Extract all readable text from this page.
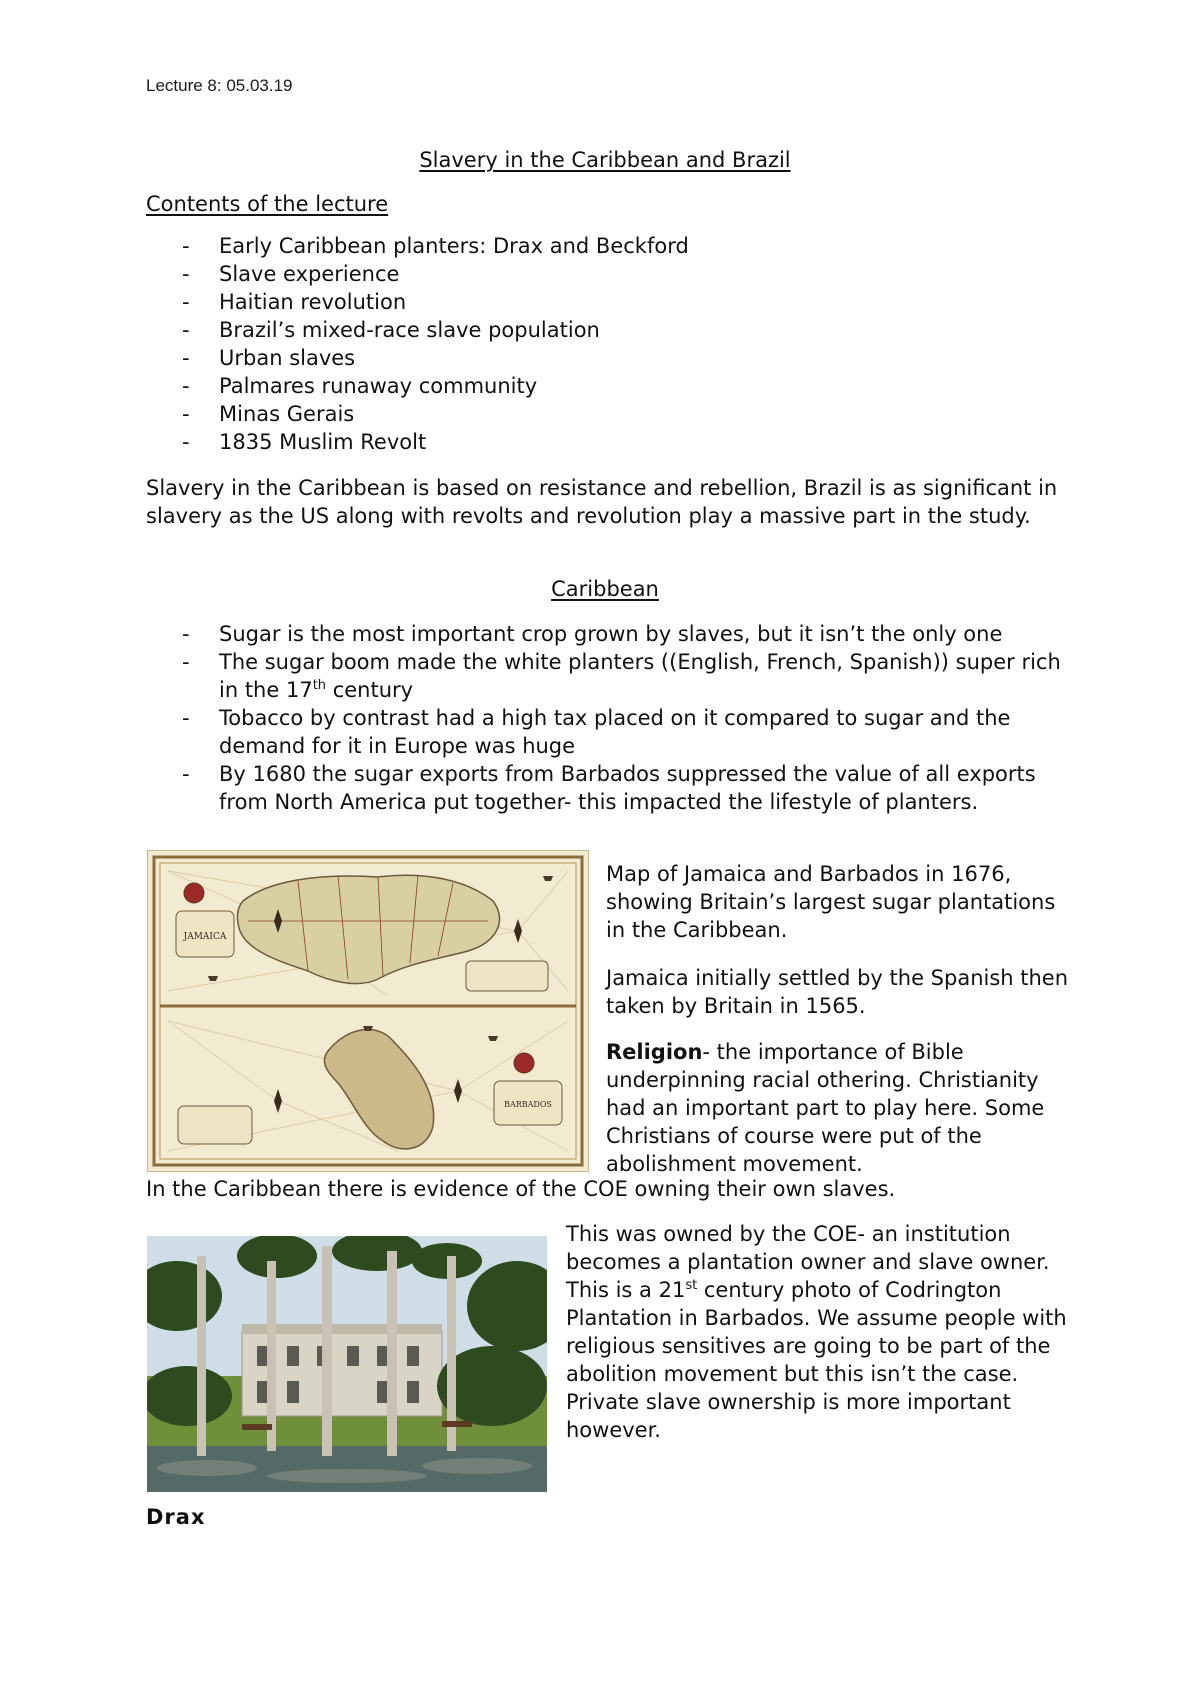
Lecture 8: 05.03.19
Slavery in the Caribbean and Brazil
Contents of the lecture
- Early Caribbean planters: Drax and Beckford
- Slave experience
- Haitian revolution
- Brazil’s mixed-race slave population
- Urban slaves
- Palmares runaway community
- Minas Gerais
- 1835 Muslim Revolt

Slavery in the Caribbean is based on resistance and rebellion, Brazil is as significant in slavery as the US along with revolts and revolution play a massive part in the study.

Caribbean
- Sugar is the most important crop grown by slaves, but it isn’t the only one
- The sugar boom made the white planters ((English, French, Spanish)) super rich in the 17th century
- Tobacco by contrast had a high tax placed on it compared to sugar and the demand for it in Europe was huge
- By 1680 the sugar exports from Barbados suppressed the value of all exports from North America put together- this impacted the lifestyle of planters.
JAMAICA
BARBADOS

Map of Jamaica and Barbados in 1676, showing Britain’s largest sugar plantations in the Caribbean.

Jamaica initially settled by the Spanish then taken by Britain in 1565.

Religion- the importance of Bible underpinning racial othering. Christianity had an important part to play here. Some Christians of course were put of the abolishment movement.

In the Caribbean there is evidence of the COE owning their own slaves.

This was owned by the COE- an institution becomes a plantation owner and slave owner. This is a 21st century photo of Codrington Plantation in Barbados. We assume people with religious sensitives are going to be part of the abolition movement but this isn’t the case. Private slave ownership is more important however.

Drax
